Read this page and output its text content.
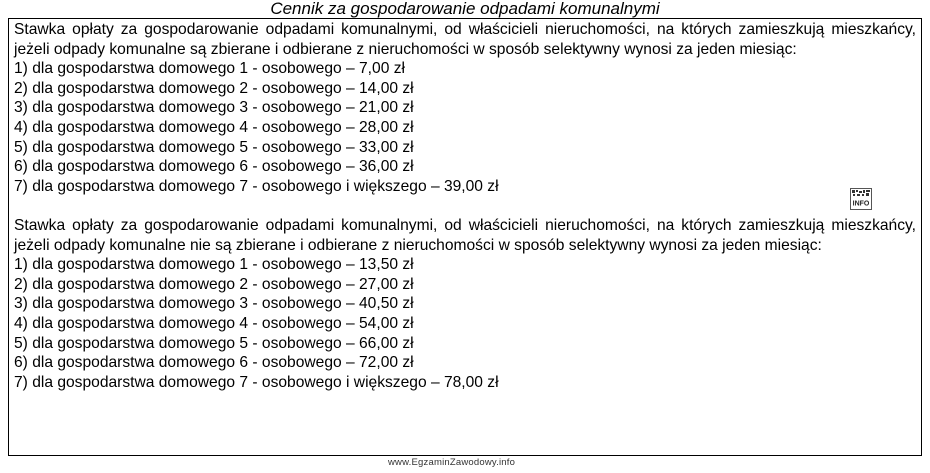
Cennik za gospodarowanie odpadami komunalnymi

Stawka opłaty za gospodarowanie odpadami komunalnymi, od właścicieli nieruchomości, na których zamieszkują mieszkańcy, jeżeli odpady komunalne są zbierane i odbierane z nieruchomości w sposób selektywny wynosi za jeden miesiąc:

1) dla gospodarstwa domowego 1 - osobowego – 7,00 zł
2) dla gospodarstwa domowego 2 - osobowego – 14,00 zł
3) dla gospodarstwa domowego 3 - osobowego – 21,00 zł
4) dla gospodarstwa domowego 4 - osobowego – 28,00 zł
5) dla gospodarstwa domowego 5 - osobowego – 33,00 zł
6) dla gospodarstwa domowego 6 - osobowego – 36,00 zł
7) dla gospodarstwa domowego 7 - osobowego i większego – 39,00 zł

Stawka opłaty za gospodarowanie odpadami komunalnymi, od właścicieli nieruchomości, na których zamieszkują mieszkańcy, jeżeli odpady komunalne nie są zbierane i odbierane z nieruchomości w sposób selektywny wynosi za jeden miesiąc:

1) dla gospodarstwa domowego 1 - osobowego – 13,50 zł
2) dla gospodarstwa domowego 2 - osobowego – 27,00 zł
3) dla gospodarstwa domowego 3 - osobowego – 40,50 zł
4) dla gospodarstwa domowego 4 - osobowego – 54,00 zł
5) dla gospodarstwa domowego 5 - osobowego – 66,00 zł
6) dla gospodarstwa domowego 6 - osobowego – 72,00 zł
7) dla gospodarstwa domowego 7 - osobowego i większego – 78,00 zł
INFO
www.EgzaminZawodowy.info
